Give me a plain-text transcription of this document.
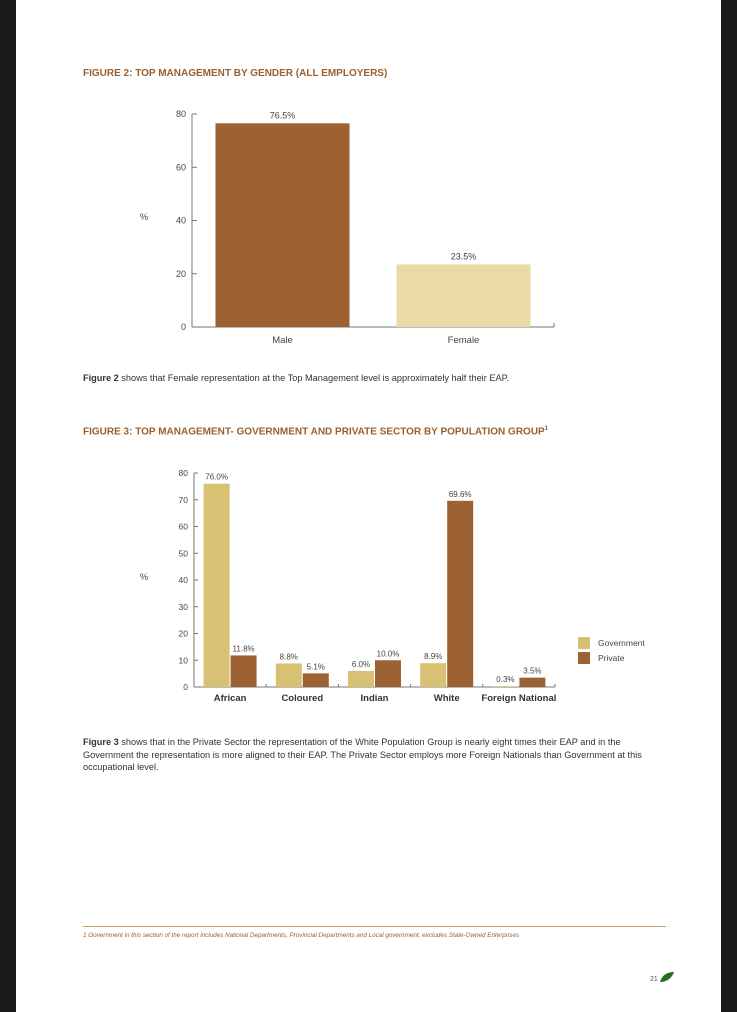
FIGURE 2: TOP MANAGEMENT BY GENDER (ALL EMPLOYERS)
0
20
40
60
80
%
76.5%
Male
23.5%
Female
Figure 2 shows that Female representation at the Top Management level is approximately half their EAP.
FIGURE 3: TOP MANAGEMENT- GOVERNMENT AND PRIVATE SECTOR BY POPULATION GROUP$^1$
0
10
20
30
40
50
60
70
80
%
76.0%
11.8%
African
8.8%
5.1%
Coloured
6.0%
10.0%
Indian
8.9%
69.6%
White
0.3%
3.5%
Foreign National
Government
Private
Figure 3 shows that in the Private Sector the representation of the White Population Group is nearly eight times their EAP and in the Government the representation is more aligned to their EAP. The Private Sector employs more Foreign Nationals than Government at this occupational level.
1 Government in this section of the report includes National Departments, Provincial Departments and Local government, excludes State-Owned Enterprises
21
